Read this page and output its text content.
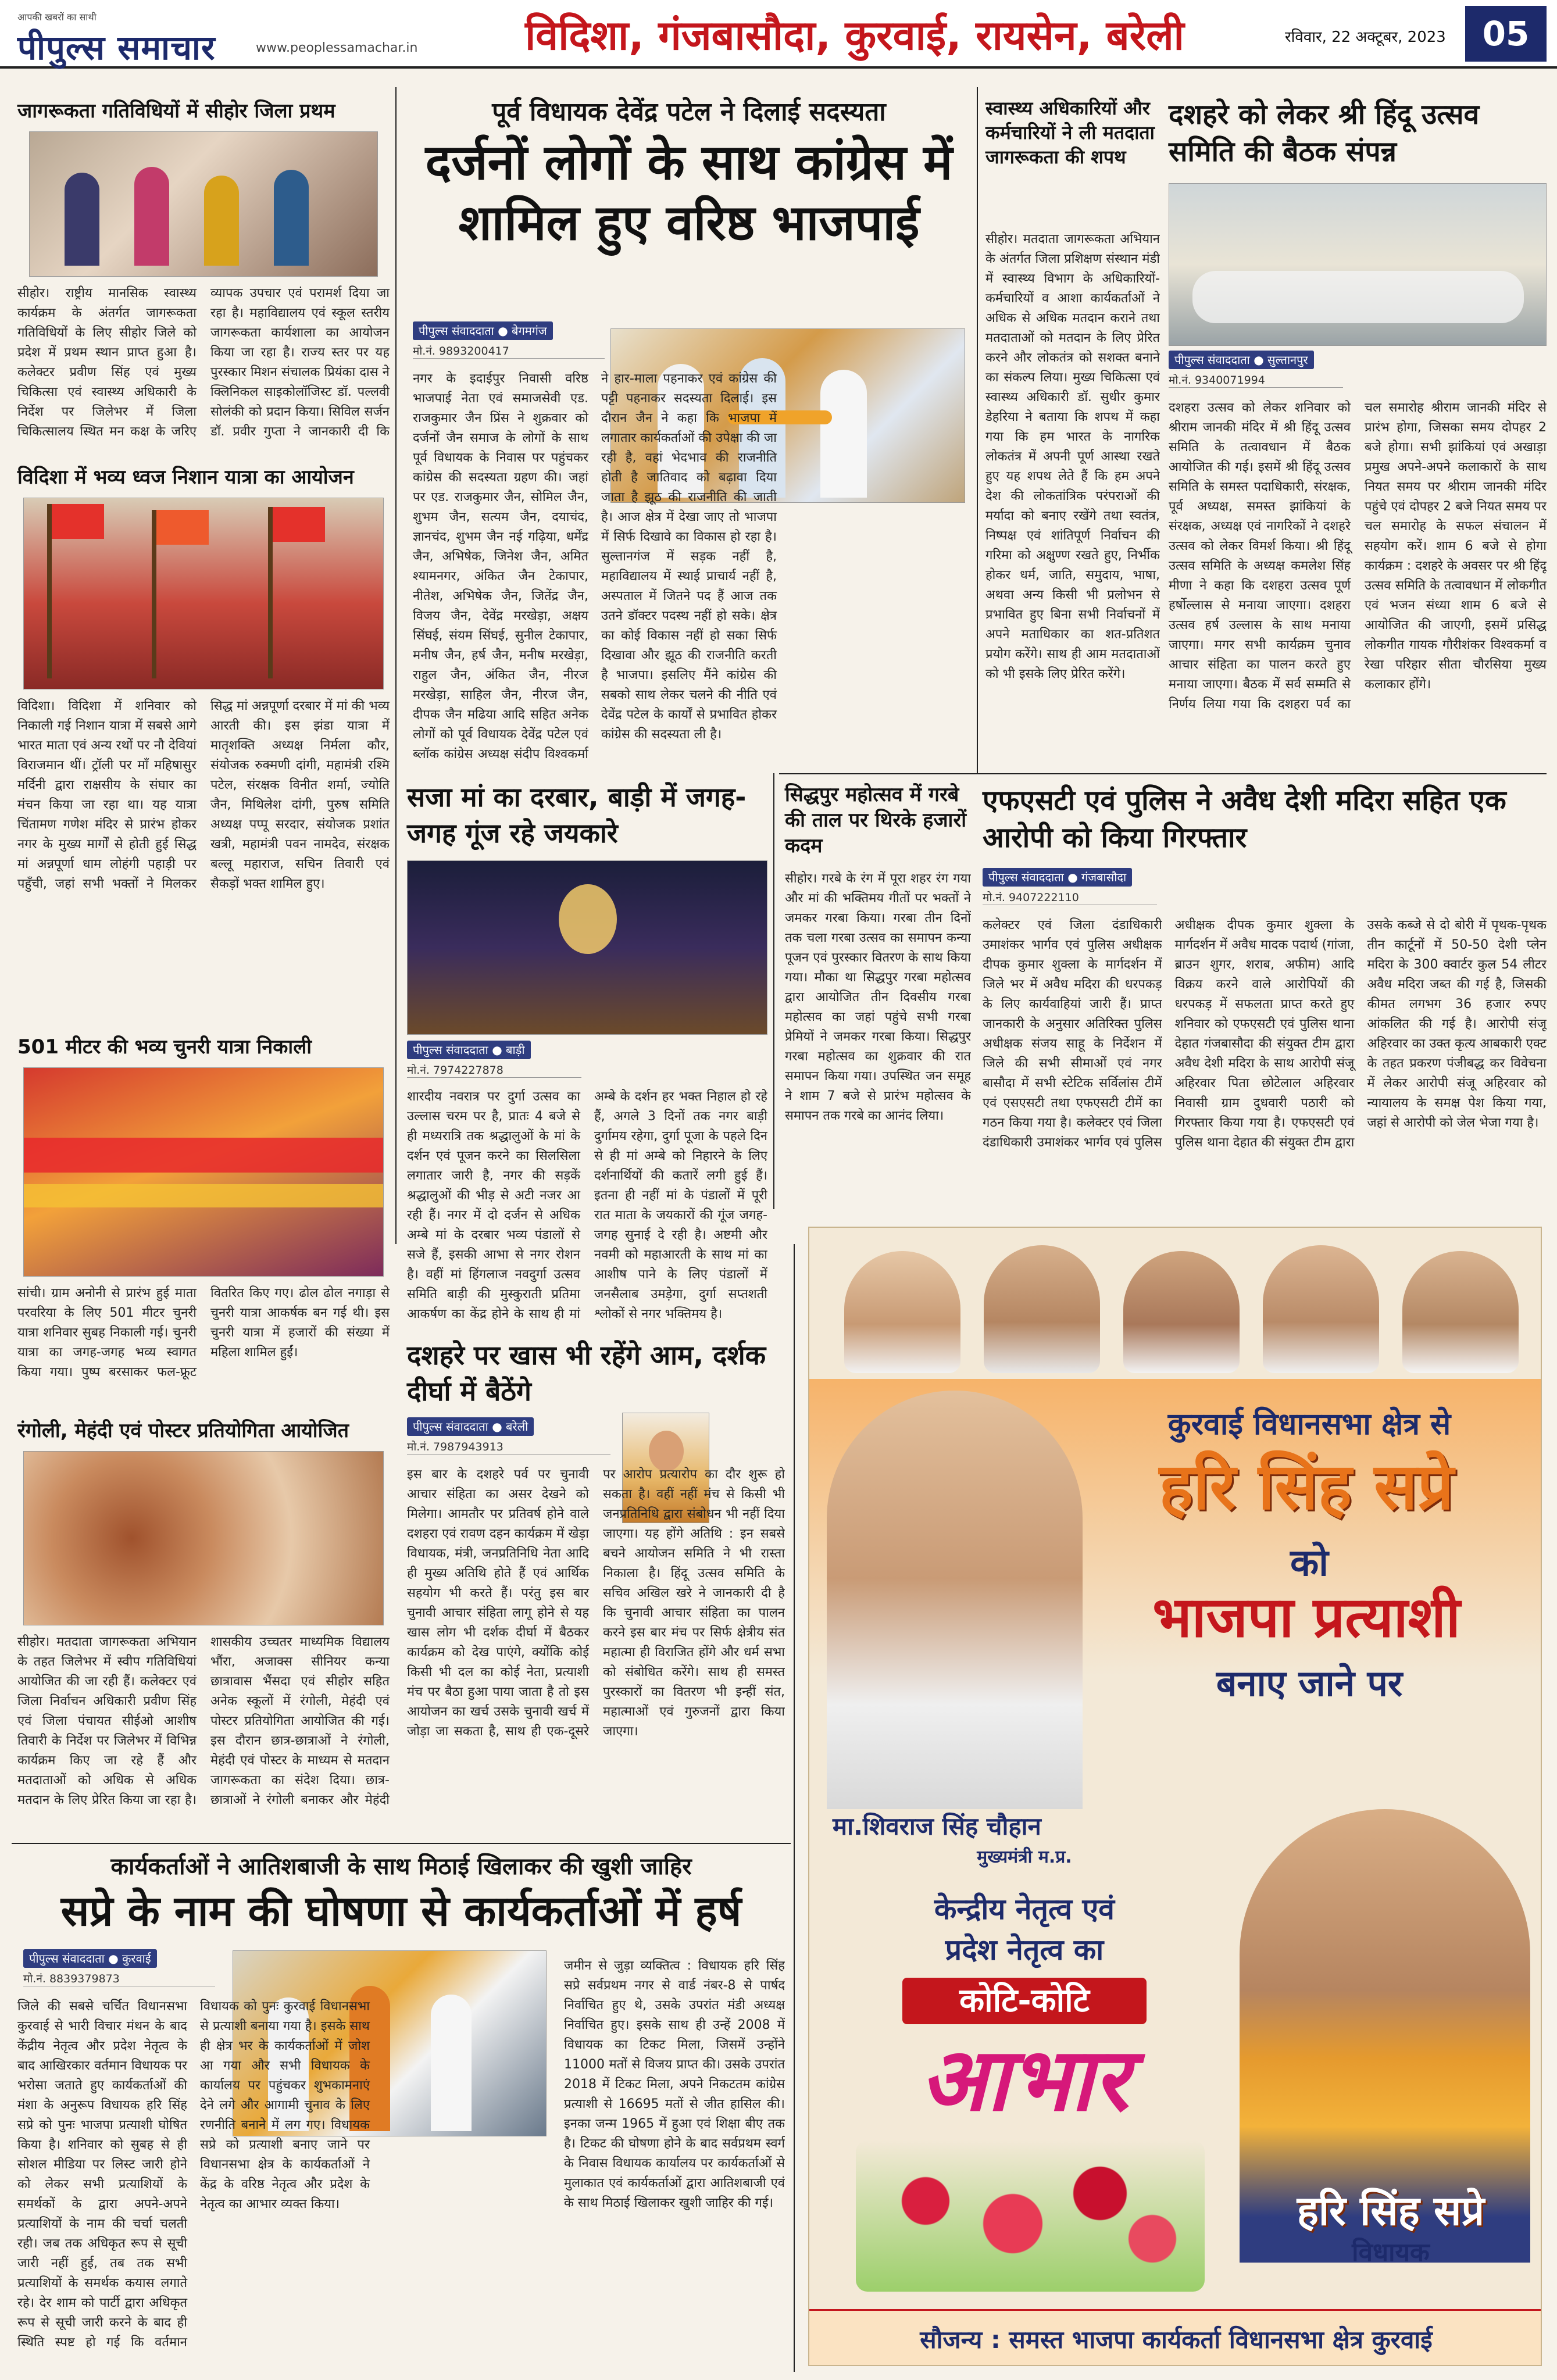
आपकी खबरों का साथी
पीपुल्स समाचार	www.peoplessamachar.in	विदिशा, गंजबासौदा, कुरवाई, रायसेन, बरेली	रविवार, 22 अक्टूबर, 2023	05
जागरूकता गतिविधियों में सीहोर जिला प्रथम
सीहोर। राष्ट्रीय मानसिक स्वास्थ्य कार्यक्रम के अंतर्गत जागरूकता गतिविधियों के लिए सीहोर जिले को प्रदेश में प्रथम स्थान प्राप्त हुआ है। कलेक्टर प्रवीण सिंह एवं मुख्य चिकित्सा एवं स्वास्थ्य अधिकारी के निर्देश पर जिलेभर में जिला चिकित्सालय स्थित मन कक्ष के जरिए व्यापक उपचार एवं परामर्श दिया जा रहा है। महाविद्यालय एवं स्कूल स्तरीय जागरूकता कार्यशाला का आयोजन किया जा रहा है। राज्य स्तर पर यह पुरस्कार मिशन संचालक प्रियंका दास ने क्लिनिकल साइकोलॉजिस्ट डॉ. पल्लवी सोलंकी को प्रदान किया। सिविल सर्जन डॉ. प्रवीर गुप्ता ने जानकारी दी कि
विदिशा में भव्य ध्वज निशान यात्रा का आयोजन
विदिशा। विदिशा में शनिवार को निकाली गई निशान यात्रा में सबसे आगे भारत माता एवं अन्य रथों पर नौ देवियां विराजमान थीं। ट्रॉली पर माँ महिषासुर मर्दिनी द्वारा राक्षसीय के संघार का मंचन किया जा रहा था। यह यात्रा चिंतामण गणेश मंदिर से प्रारंभ होकर नगर के मुख्य मार्गों से होती हुई सिद्ध मां अन्नपूर्णा धाम लोहंगी पहाड़ी पर पहुँची, जहां सभी भक्तों ने मिलकर सिद्ध मां अन्नपूर्णा दरबार में मां की भव्य आरती की। इस झंडा यात्रा में मातृशक्ति अध्यक्ष निर्मला कौर, संयोजक रुक्मणी दांगी, महामंत्री रश्मि पटेल, संरक्षक विनीत शर्मा, ज्योति जैन, मिथिलेश दांगी, पुरुष समिति अध्यक्ष पप्पू सरदार, संयोजक प्रशांत खत्री, महामंत्री पवन नामदेव, संरक्षक बल्लू महाराज, सचिन तिवारी एवं सैकड़ों भक्त शामिल हुए।
501 मीटर की भव्य चुनरी यात्रा निकाली
सांची। ग्राम अनोनी से प्रारंभ हुई माता परवरिया के लिए 501 मीटर चुनरी यात्रा शनिवार सुबह निकाली गई। चुनरी यात्रा का जगह-जगह भव्य स्वागत किया गया। पुष्प बरसाकर फल-फ्रूट वितरित किए गए। ढोल ढोल नगाड़ा से चुनरी यात्रा आकर्षक बन गई थी। इस चुनरी यात्रा में हजारों की संख्या में महिला शामिल हुईं।
रंगोली, मेहंदी एवं पोस्टर प्रतियोगिता आयोजित
सीहोर। मतदाता जागरूकता अभियान के तहत जिलेभर में स्वीप गतिविधियां आयोजित की जा रही हैं। कलेक्टर एवं जिला निर्वाचन अधिकारी प्रवीण सिंह एवं जिला पंचायत सीईओ आशीष तिवारी के निर्देश पर जिलेभर में विभिन्न कार्यक्रम किए जा रहे हैं और मतदाताओं को अधिक से अधिक मतदान के लिए प्रेरित किया जा रहा है। शासकीय उच्चतर माध्यमिक विद्यालय भौंरा, अजाक्स सीनियर कन्या छात्रावास भैंसदा एवं सीहोर सहित अनेक स्कूलों में रंगोली, मेहंदी एवं पोस्टर प्रतियोगिता आयोजित की गई। इस दौरान छात्र-छात्राओं ने रंगोली, मेहंदी एवं पोस्टर के माध्यम से मतदान जागरूकता का संदेश दिया। छात्र-छात्राओं ने रंगोली बनाकर और मेहंदी
पूर्व विधायक देवेंद्र पटेल ने दिलाई सदस्यता
दर्जनों लोगों के साथ कांग्रेस में शामिल हुए वरिष्ठ भाजपाई
पीपुल्स संवाददाता ● बेगमगंज
मो.नं. 9893200417
नगर के इदाईपुर निवासी वरिष्ठ भाजपाई नेता एवं समाजसेवी एड. राजकुमार जैन प्रिंस ने शुक्रवार को दर्जनों जैन समाज के लोगों के साथ पूर्व विधायक के निवास पर पहुंचकर कांग्रेस की सदस्यता ग्रहण की। जहां पर एड. राजकुमार जैन, सोमिल जैन, शुभम जैन, सत्यम जैन, दयाचंद, ज्ञानचंद, शुभम जैन नई गढ़िया, धर्मेंद्र जैन, अभिषेक, जिनेश जैन, अमित श्यामनगर, अंकित जैन टेकापार, नीतेश, अभिषेक जैन, जितेंद्र जैन, विजय जैन, देवेंद्र मरखेड़ा, अक्षय सिंघई, संयम सिंघई, सुनील टेकापार, मनीष जैन, हर्ष जैन, मनीष मरखेड़ा, राहुल जैन, अंकित जैन, नीरज मरखेड़ा, साहिल जैन, नीरज जैन, दीपक जैन मढिया आदि सहित अनेक लोगों को पूर्व विधायक देवेंद्र पटेल एवं ब्लॉक कांग्रेस अध्यक्ष संदीप विश्वकर्मा ने हार-माला पहनाकर एवं कांग्रेस की पट्टी पहनाकर सदस्यता दिलाई। इस दौरान जैन ने कहा कि भाजपा में लगातार कार्यकर्ताओं की उपेक्षा की जा रही है, वहां भेदभाव की राजनीति होती है जातिवाद को बढ़ावा दिया जाता है झूठ की राजनीति की जाती है। आज क्षेत्र में देखा जाए तो भाजपा में सिर्फ दिखावे का विकास हो रहा है। सुल्तानगंज में सड़क नहीं है, महाविद्यालय में स्थाई प्राचार्य नहीं है, अस्पताल में जितने पद हैं आज तक उतने डॉक्टर पदस्थ नहीं हो सके। क्षेत्र का कोई विकास नहीं हो सका सिर्फ दिखावा और झूठ की राजनीति करती है भाजपा। इसलिए मैंने कांग्रेस की सबको साथ लेकर चलने की नीति एवं देवेंद्र पटेल के कार्यों से प्रभावित होकर कांग्रेस की सदस्यता ली है।
सजा मां का दरबार, बाड़ी में जगह-जगह गूंज रहे जयकारे
पीपुल्स संवाददाता ● बाड़ी
मो.नं. 7974227878
शारदीय नवरात्र पर दुर्गा उत्सव का उल्लास चरम पर है, प्रातः 4 बजे से ही मध्यरात्रि तक श्रद्धालुओं के मां के दर्शन एवं पूजन करने का सिलसिला लगातार जारी है, नगर की सड़कें श्रद्धालुओं की भीड़ से अटी नजर आ रही हैं। नगर में दो दर्जन से अधिक अम्बे मां के दरबार भव्य पंडालों से सजे हैं, इसकी आभा से नगर रोशन है। वहीं मां हिंगलाज नवदुर्गा उत्सव समिति बाड़ी की मुस्कुराती प्रतिमा आकर्षण का केंद्र होने के साथ ही मां अम्बे के दर्शन हर भक्त निहाल हो रहे हैं, अगले 3 दिनों तक नगर बाड़ी दुर्गामय रहेगा, दुर्गा पूजा के पहले दिन से ही मां अम्बे को निहारने के लिए दर्शनार्थियों की कतारें लगी हुई हैं। इतना ही नहीं मां के पंडालों में पूरी रात माता के जयकारों की गूंज जगह-जगह सुनाई दे रही है। अष्टमी और नवमी को महाआरती के साथ मां का आशीष पाने के लिए पंडालों में जनसैलाब उमड़ेगा, दुर्गा सप्तशती श्लोकों से नगर भक्तिमय है।
दशहरे पर खास भी रहेंगे आम, दर्शक दीर्घा में बैठेंगे
पीपुल्स संवाददाता ● बरेली
मो.नं. 7987943913
इस बार के दशहरे पर्व पर चुनावी आचार संहिता का असर देखने को मिलेगा। आमतौर पर प्रतिवर्ष होने वाले दशहरा एवं रावण दहन कार्यक्रम में खेड़ा विधायक, मंत्री, जनप्रतिनिधि नेता आदि ही मुख्य अतिथि होते हैं एवं आर्थिक सहयोग भी करते हैं। परंतु इस बार चुनावी आचार संहिता लागू होने से यह खास लोग भी दर्शक दीर्घा में बैठकर कार्यक्रम को देख पाएंगे, क्योंकि कोई किसी भी दल का कोई नेता, प्रत्याशी मंच पर बैठा हुआ पाया जाता है तो इस आयोजन का खर्च उसके चुनावी खर्च में जोड़ा जा सकता है, साथ ही एक-दूसरे पर आरोप प्रत्यारोप का दौर शुरू हो सकता है। वहीं नहीं मंच से किसी भी जनप्रतिनिधि द्वारा संबोधन भी नहीं दिया जाएगा। यह होंगे अतिथि : इन सबसे बचने आयोजन समिति ने भी रास्ता निकाला है। हिंदू उत्सव समिति के सचिव अखिल खरे ने जानकारी दी है कि चुनावी आचार संहिता का पालन करने इस बार मंच पर सिर्फ क्षेत्रीय संत महात्मा ही विराजित होंगे और धर्म सभा को संबोधित करेंगे। साथ ही समस्त पुरस्कारों का वितरण भी इन्हीं संत, महात्माओं एवं गुरुजनों द्वारा किया जाएगा।
कार्यकर्ताओं ने आतिशबाजी के साथ मिठाई खिलाकर की खुशी जाहिर
सप्रे के नाम की घोषणा से कार्यकर्ताओं में हर्ष
पीपुल्स संवाददाता ● कुरवाई
मो.नं. 8839379873
जिले की सबसे चर्चित विधानसभा कुरवाई से भारी विचार मंथन के बाद केंद्रीय नेतृत्व और प्रदेश नेतृत्व के बाद आखिरकार वर्तमान विधायक पर भरोसा जताते हुए कार्यकर्ताओं की मंशा के अनुरूप विधायक हरि सिंह सप्रे को पुनः भाजपा प्रत्याशी घोषित किया है। शनिवार को सुबह से ही सोशल मीडिया पर लिस्ट जारी होने को लेकर सभी प्रत्याशियों के समर्थकों के द्वारा अपने-अपने प्रत्याशियों के नाम की चर्चा चलती रही। जब तक अधिकृत रूप से सूची जारी नहीं हुई, तब तक सभी प्रत्याशियों के समर्थक कयास लगाते रहे। देर शाम को पार्टी द्वारा अधिकृत रूप से सूची जारी करने के बाद ही स्थिति स्पष्ट हो गई कि वर्तमान विधायक को पुनः कुरवाई विधानसभा से प्रत्याशी बनाया गया है। इसके साथ ही क्षेत्र भर के कार्यकर्ताओं में जोश आ गया और सभी विधायक के कार्यालय पर पहुंचकर शुभकामनाएं देने लगे और आगामी चुनाव के लिए रणनीति बनाने में लग गए। विधायक सप्रे को प्रत्याशी बनाए जाने पर विधानसभा क्षेत्र के कार्यकर्ताओं ने केंद्र के वरिष्ठ नेतृत्व और प्रदेश के नेतृत्व का आभार व्यक्त किया।
जमीन से जुड़ा व्यक्तित्व : विधायक हरि सिंह सप्रे सर्वप्रथम नगर से वार्ड नंबर-8 से पार्षद निर्वाचित हुए थे, उसके उपरांत मंडी अध्यक्ष निर्वाचित हुए। इसके साथ ही उन्हें 2008 में विधायक का टिकट मिला, जिसमें उन्होंने 11000 मतों से विजय प्राप्त की। उसके उपरांत 2018 में टिकट मिला, अपने निकटतम कांग्रेस प्रत्याशी से 16695 मतों से जीत हासिल की। इनका जन्म 1965 में हुआ एवं शिक्षा बीए तक है। टिकट की घोषणा होने के बाद सर्वप्रथम स्वर्ग के निवास विधायक कार्यालय पर कार्यकर्ताओं से मुलाकात एवं कार्यकर्ताओं द्वारा आतिशबाजी एवं के साथ मिठाई खिलाकर खुशी जाहिर की गई।
स्वास्थ्य अधिकारियों और कर्मचारियों ने ली मतदाता जागरूकता की शपथ
सीहोर। मतदाता जागरूकता अभियान के अंतर्गत जिला प्रशिक्षण संस्थान मंडी में स्वास्थ्य विभाग के अधिकारियों-कर्मचारियों व आशा कार्यकर्ताओं ने अधिक से अधिक मतदान कराने तथा मतदाताओं को मतदान के लिए प्रेरित करने और लोकतंत्र को सशक्त बनाने का संकल्प लिया। मुख्य चिकित्सा एवं स्वास्थ्य अधिकारी डॉ. सुधीर कुमार डेहरिया ने बताया कि शपथ में कहा गया कि हम भारत के नागरिक लोकतंत्र में अपनी पूर्ण आस्था रखते हुए यह शपथ लेते हैं कि हम अपने देश की लोकतांत्रिक परंपराओं की मर्यादा को बनाए रखेंगे तथा स्वतंत्र, निष्पक्ष एवं शांतिपूर्ण निर्वाचन की गरिमा को अक्षुण्ण रखते हुए, निर्भीक होकर धर्म, जाति, समुदाय, भाषा, अथवा अन्य किसी भी प्रलोभन से प्रभावित हुए बिना सभी निर्वाचनों में अपने मताधिकार का शत-प्रतिशत प्रयोग करेंगे। साथ ही आम मतदाताओं को भी इसके लिए प्रेरित करेंगे।
दशहरे को लेकर श्री हिंदू उत्सव समिति की बैठक संपन्न
पीपुल्स संवाददाता ● सुल्तानपुर
मो.नं. 9340071994
दशहरा उत्सव को लेकर शनिवार को श्रीराम जानकी मंदिर में श्री हिंदू उत्सव समिति के तत्वावधान में बैठक आयोजित की गई। इसमें श्री हिंदू उत्सव समिति के समस्त पदाधिकारी, संरक्षक, पूर्व अध्यक्ष, समस्त झांकियां के संरक्षक, अध्यक्ष एवं नागरिकों ने दशहरे उत्सव को लेकर विमर्श किया। श्री हिंदू उत्सव समिति के अध्यक्ष कमलेश सिंह मीणा ने कहा कि दशहरा उत्सव पूर्ण हर्षोल्लास से मनाया जाएगा। दशहरा उत्सव हर्ष उल्लास के साथ मनाया जाएगा। मगर सभी कार्यक्रम चुनाव आचार संहिता का पालन करते हुए मनाया जाएगा। बैठक में सर्व सम्मति से निर्णय लिया गया कि दशहरा पर्व का चल समारोह श्रीराम जानकी मंदिर से प्रारंभ होगा, जिसका समय दोपहर 2 बजे होगा। सभी झांकियां एवं अखाड़ा प्रमुख अपने-अपने कलाकारों के साथ नियत समय पर श्रीराम जानकी मंदिर पहुंचे एवं दोपहर 2 बजे नियत समय पर चल समारोह के सफल संचालन में सहयोग करें। शाम 6 बजे से होगा कार्यक्रम : दशहरे के अवसर पर श्री हिंदू उत्सव समिति के तत्वावधान में लोकगीत एवं भजन संध्या शाम 6 बजे से आयोजित की जाएगी, इसमें प्रसिद्ध लोकगीत गायक गौरीशंकर विश्वकर्मा व रेखा परिहार सीता चौरसिया मुख्य कलाकार होंगे।
सिद्धपुर महोत्सव में गरबे की ताल पर थिरके हजारों कदम
सीहोर। गरबे के रंग में पूरा शहर रंग गया और मां की भक्तिमय गीतों पर भक्तों ने जमकर गरबा किया। गरबा तीन दिनों तक चला गरबा उत्सव का समापन कन्या पूजन एवं पुरस्कार वितरण के साथ किया गया। मौका था सिद्धपुर गरबा महोत्सव द्वारा आयोजित तीन दिवसीय गरबा महोत्सव का जहां पहुंचे सभी गरबा प्रेमियों ने जमकर गरबा किया। सिद्धपुर गरबा महोत्सव का शुक्रवार की रात समापन किया गया। उपस्थित जन समूह ने शाम 7 बजे से प्रारंभ महोत्सव के समापन तक गरबे का आनंद लिया।
एफएसटी एवं पुलिस ने अवैध देशी मदिरा सहित एक आरोपी को किया गिरफ्तार
पीपुल्स संवाददाता ● गंजबासौदा
मो.नं. 9407222110
कलेक्टर एवं जिला दंडाधिकारी उमाशंकर भार्गव एवं पुलिस अधीक्षक दीपक कुमार शुक्ला के मार्गदर्शन में जिले भर में अवैध मदिरा की धरपकड़ के लिए कार्यवाहियां जारी हैं। प्राप्त जानकारी के अनुसार अतिरिक्त पुलिस अधीक्षक संजय साहू के निर्देशन में जिले की सभी सीमाओं एवं नगर बासौदा में सभी स्टेटिक सर्विलांस टीमें एवं एसएसटी तथा एफएसटी टीमें का गठन किया गया है। कलेक्टर एवं जिला दंडाधिकारी उमाशंकर भार्गव एवं पुलिस अधीक्षक दीपक कुमार शुक्ला के मार्गदर्शन में अवैध मादक पदार्थ (गांजा, ब्राउन शुगर, शराब, अफीम) आदि विक्रय करने वाले आरोपियों की धरपकड़ में सफलता प्राप्त करते हुए शनिवार को एफएसटी एवं पुलिस थाना देहात गंजबासौदा की संयुक्त टीम द्वारा अवैध देशी मदिरा के साथ आरोपी संजू अहिरवार पिता छोटेलाल अहिरवार निवासी ग्राम दुधवारी पठारी को गिरफ्तार किया गया है। एफएसटी एवं पुलिस थाना देहात की संयुक्त टीम द्वारा उसके कब्जे से दो बोरी में पृथक-पृथक तीन कार्टूनों में 50-50 देशी प्लेन मदिरा के 300 क्वार्टर कुल 54 लीटर अवैध मदिरा जब्त की गई है, जिसकी कीमत लगभग 36 हजार रुपए आंकलित की गई है। आरोपी संजू अहिरवार का उक्त कृत्य आबकारी एक्ट के तहत प्रकरण पंजीबद्ध कर विवेचना में लेकर आरोपी संजू अहिरवार को न्यायालय के समक्ष पेश किया गया, जहां से आरोपी को जेल भेजा गया है।
कुरवाई विधानसभा क्षेत्र से
हरि सिंह सप्रे
को
भाजपा प्रत्याशी
बनाए जाने पर
मा.शिवराज सिंह चौहान
मुख्यमंत्री म.प्र.
केन्द्रीय नेतृत्व एवं
प्रदेश नेतृत्व का
कोटि-कोटि
आभार
हरि सिंह सप्रे
विधायक
सौजन्य : समस्त भाजपा कार्यकर्ता विधानसभा क्षेत्र कुरवाई
